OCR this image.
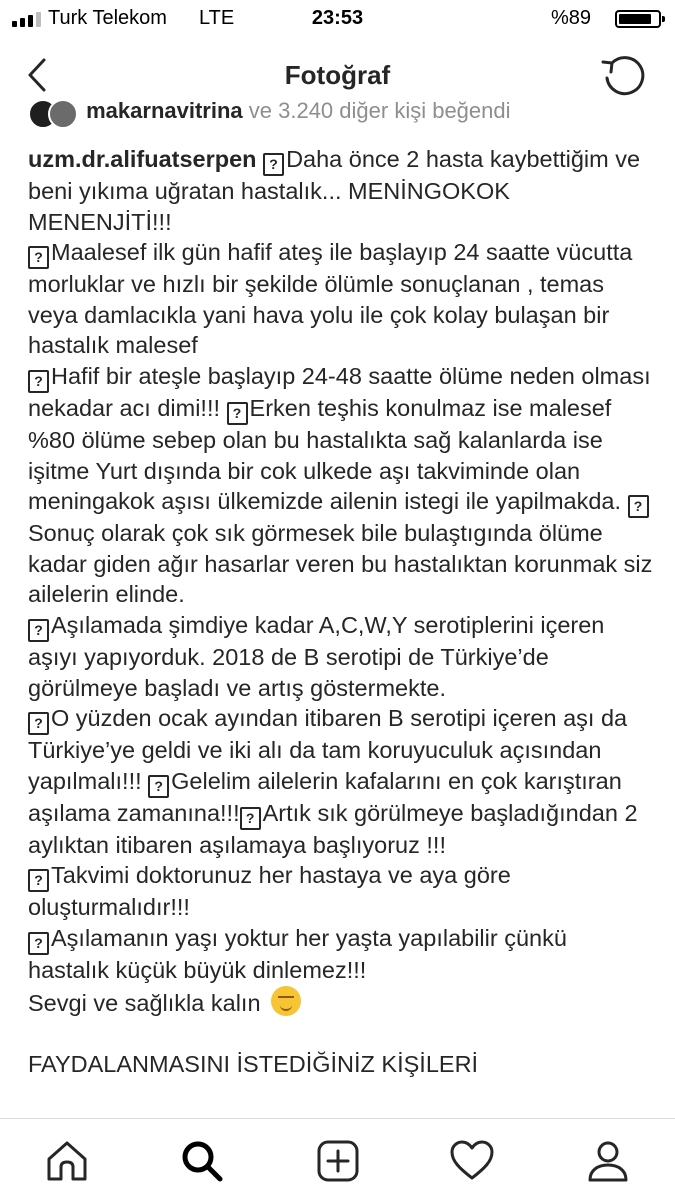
Turk Telekom LTE	23:53	%89
Fotoğraf
makarnavitrina ve 3.240 diğer kişi beğendi

uzm.dr.alifuatserpen ? Daha önce 2 hasta kaybettiğim ve beni yıkıma uğratan hastalık... MENİNGOKOK MENENJİTİ!!!

? Maalesef ilk gün hafif ateş ile başlayıp 24 saatte vücutta morluklar ve hızlı bir şekilde ölümle sonuçlanan , temas veya damlacıkla yani hava yolu ile çok kolay bulaşan bir hastalık malesef

? Hafif bir ateşle başlayıp 24-48 saatte ölüme neden olması nekadar acı dimi!!! ? Erken teşhis konulmaz ise malesef %80 ölüme sebep olan bu hastalıkta sağ kalanlarda ise işitme Yurt dışında bir cok ulkede aşı takviminde olan meningakok aşısı ülkemizde ailenin istegi ile yapilmakda. ?Sonuç olarak çok sık görmesek bile bulaştıgında ölüme kadar giden ağır hasarlar veren bu hastalıktan korunmak siz ailelerin elinde.

? Aşılamada şimdiye kadar A,C,W,Y serotiplerini içeren aşıyı yapıyorduk. 2018 de B serotipi de Türkiye’de görülmeye başladı ve artış göstermekte.

? O yüzden ocak ayından itibaren B serotipi içeren aşı da Türkiye’ye geldi ve iki alı da tam koruyuculuk açısından yapılmalı!!! ? Gelelim ailelerin kafalarını en çok karıştıran aşılama zamanına!!! ? Artık sık görülmeye başladığından 2 aylıktan itibaren aşılamaya başlıyoruz !!!

? Takvimi doktorunuz her hastaya ve aya göre oluşturmalıdır!!!

? Aşılamanın yaşı yoktur her yaşta yapılabilir çünkü hastalık küçük büyük dinlemez!!!

Sevgi ve sağlıkla kalın

FAYDALANMASINI İSTEDİĞİNİZ KİŞİLERİ
